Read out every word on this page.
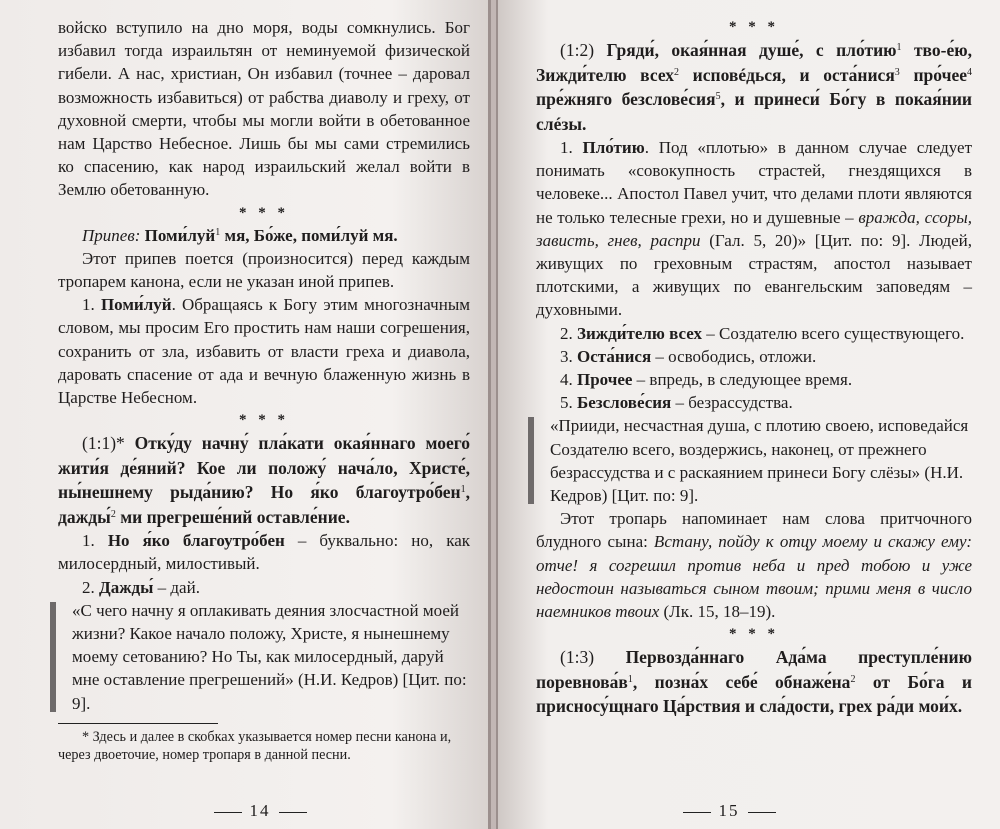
войско вступило на дно моря, воды сомкнулись. Бог избавил тогда израильтян от неминуемой физической гибели. А нас, христиан, Он избавил (точнее – даровал возможность избавиться) от рабства диаволу и греху, от духовной смерти, чтобы мы могли войти в обетованное нам Царство Небесное. Лишь бы мы сами стремились ко спасению, как народ израильский желал войти в Землю обетованную.

* * *

Припев: Поми́луй$^1$ мя, Бо́же, поми́луй мя.

Этот припев поется (произносится) перед каждым тропарем канона, если не указан иной припев.

1. Поми́луй. Обращаясь к Богу этим многозначным словом, мы просим Его простить нам наши согрешения, сохранить от зла, избавить от власти греха и диавола, даровать спасение от ада и вечную блаженную жизнь в Царстве Небесном.

* * *

(1:1)* Отку́ду начну́ пла́кати окая́ннаго моего́ жити́я де́яний? Кое ли положу́ нача́ло, Христе́, ны́нешнему рыда́нию? Но я́ко благоутро́бен$^1$, дажды́$^2$ ми прегреше́ний оставле́ние.

1. Но я́ко благоутро́бен – буквально: но, как милосердный, милостивый.

2. Дажды́ – дай.

«С чего начну я оплакивать деяния злосчастной моей жизни? Какое начало положу, Христе, я нынешнему моему сетованию? Но Ты, как милосердный, даруй мне оставление прегрешений» (Н.И. Кедров) [Цит. по: 9].

* Здесь и далее в скобках указывается номер песни канона и, через двоеточие, номер тропаря в данной песни.

* * *

(1:2) Гряди́, окая́нная душе́, с пло́тию$^1$ тво-е́ю, Зижди́телю всех$^2$ исповéдься, и оста́нися$^3$ про́чее$^4$ пре́жняго безслове́сия$^5$, и принеси́ Бо́гу в покая́нии слéзы.

1. Пло́тию. Под «плотью» в данном случае следует понимать «совокупность страстей, гнездящихся в человеке... Апостол Павел учит, что делами плоти являются не только телесные грехи, но и душевные – вражда, ссоры, зависть, гнев, распри (Гал. 5, 20)» [Цит. по: 9]. Людей, живущих по греховным страстям, апостол называет плотскими, а живущих по евангельским заповедям – духовными.

2. Зижди́телю всех – Создателю всего существующего.

3. Оста́нися – освободись, отложи.

4. Прочее – впредь, в следующее время.

5. Безслове́сия – безрассудства.

«Прииди, несчастная душа, с плотию своею, исповедайся Создателю всего, воздержись, наконец, от прежнего безрассудства и с раскаянием принеси Богу слёзы» (Н.И. Кедров) [Цит. по: 9].

Этот тропарь напоминает нам слова притчочного блудного сына: Встану, пойду к отцу моему и скажу ему: отче! я согрешил против неба и пред тобою и уже недостоин называться сыном твоим; прими меня в число наемников твоих (Лк. 15, 18–19).

* * *

(1:3) Первозда́ннаго Ада́ма преступле́нию $поревнова́в^1$, позна́х себе́ $обнаже́на^2$ от Бо́га и присносу́щнаго Ца́рствия и сла́дости, грех ра́ди мои́х.

14	15
